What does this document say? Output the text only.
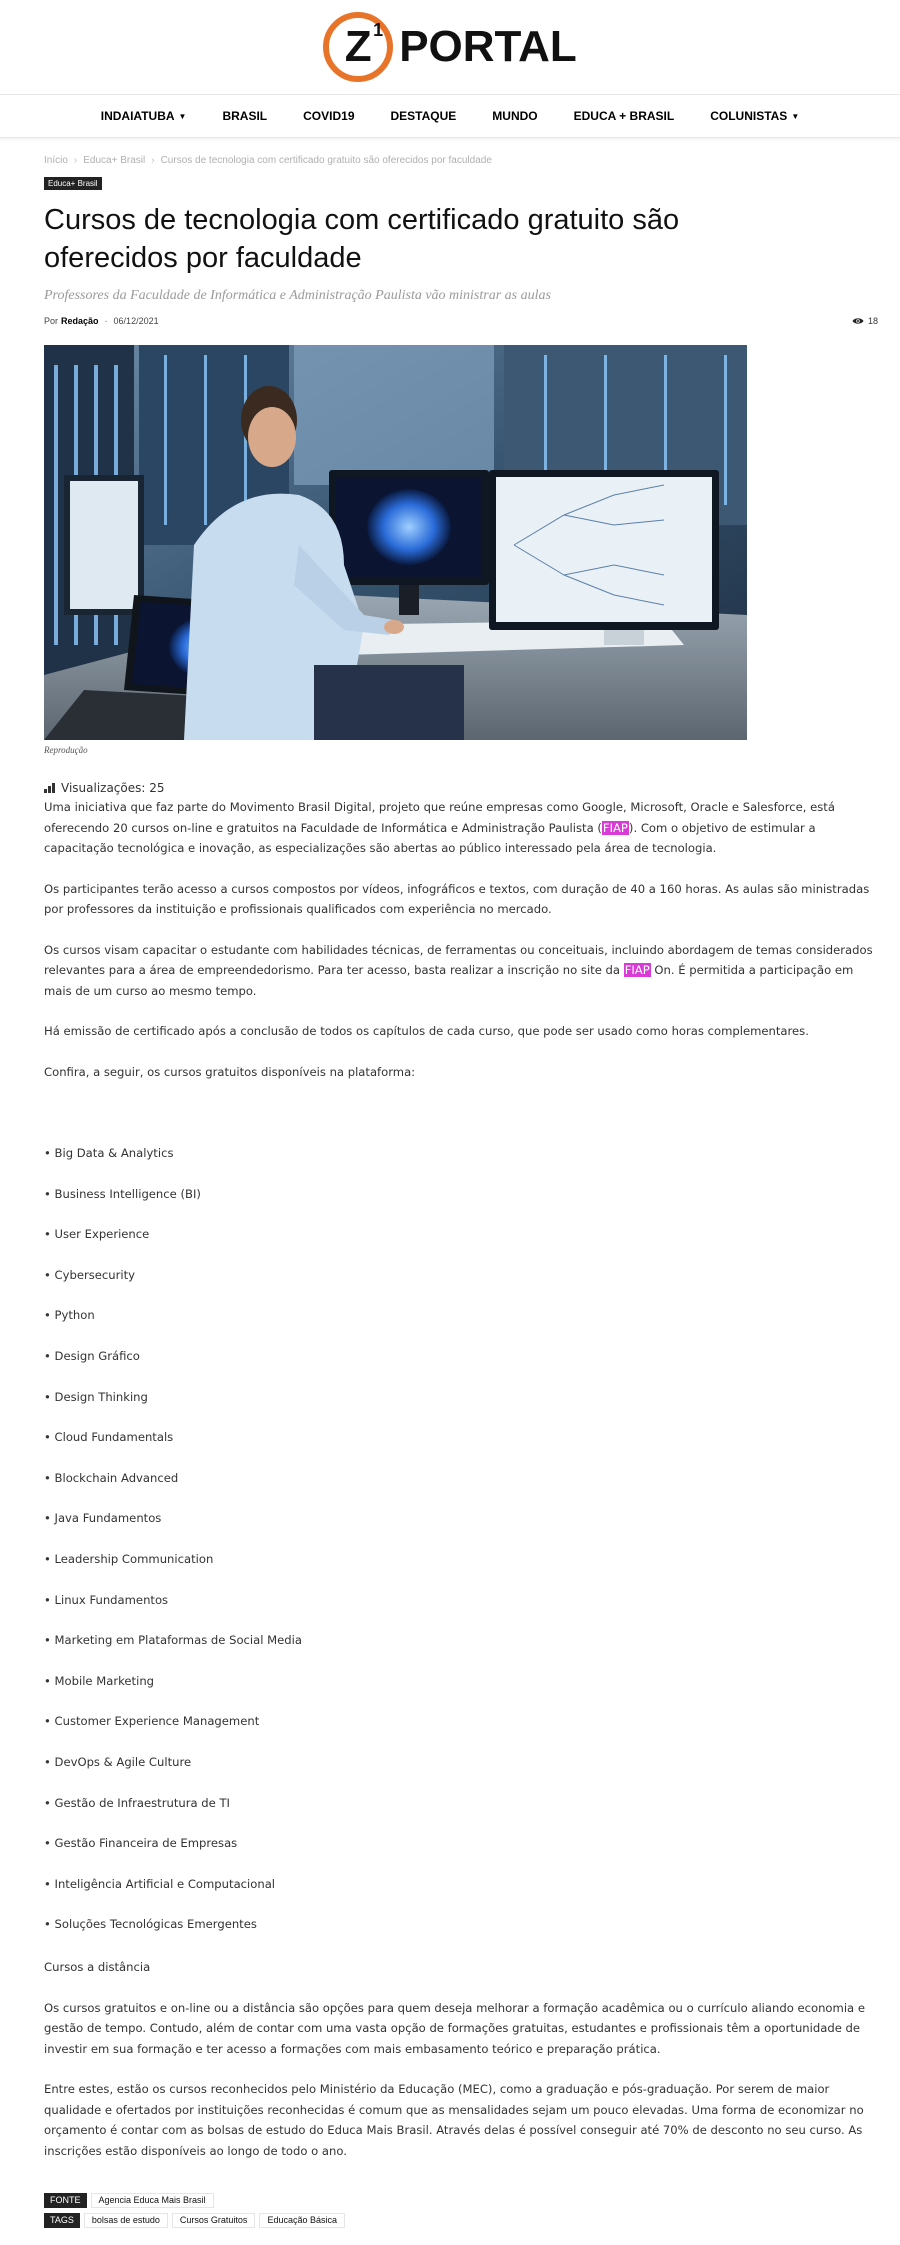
Z 1 PORTAL
INDAIATUBA ▼	BRASIL	COVID19	DESTAQUE	MUNDO	EDUCA + BRASIL	COLUNISTAS ▼
Início › Educa+ Brasil › Cursos de tecnologia com certificado gratuito são oferecidos por faculdade
Educa+ Brasil
Cursos de tecnologia com certificado gratuito são oferecidos por faculdade
Professores da Faculdade de Informática e Administração Paulista vão ministrar as aulas
Por Redação - 06/12/2021	18
Reprodução
Visualizações: 25

Uma iniciativa que faz parte do Movimento Brasil Digital, projeto que reúne empresas como Google, Microsoft, Oracle e Salesforce, está oferecendo 20 cursos on-line e gratuitos na Faculdade de Informática e Administração Paulista (FIAP). Com o objetivo de estimular a capacitação tecnológica e inovação, as especializações são abertas ao público interessado pela área de tecnologia.

Os participantes terão acesso a cursos compostos por vídeos, infográficos e textos, com duração de 40 a 160 horas. As aulas são ministradas por professores da instituição e profissionais qualificados com experiência no mercado.

Os cursos visam capacitar o estudante com habilidades técnicas, de ferramentas ou conceituais, incluindo abordagem de temas considerados relevantes para a área de empreendedorismo. Para ter acesso, basta realizar a inscrição no site da FIAP On. É permitida a participação em mais de um curso ao mesmo tempo.

Há emissão de certificado após a conclusão de todos os capítulos de cada curso, que pode ser usado como horas complementares.

Confira, a seguir, os cursos gratuitos disponíveis na plataforma:

• Big Data & Analytics
• Business Intelligence (BI)
• User Experience
• Cybersecurity
• Python
• Design Gráfico
• Design Thinking
• Cloud Fundamentals
• Blockchain Advanced
• Java Fundamentos
• Leadership Communication
• Linux Fundamentos
• Marketing em Plataformas de Social Media
• Mobile Marketing
• Customer Experience Management
• DevOps & Agile Culture
• Gestão de Infraestrutura de TI
• Gestão Financeira de Empresas
• Inteligência Artificial e Computacional
• Soluções Tecnológicas Emergentes

Cursos a distância

Os cursos gratuitos e on-line ou a distância são opções para quem deseja melhorar a formação acadêmica ou o currículo aliando economia e gestão de tempo. Contudo, além de contar com uma vasta opção de formações gratuitas, estudantes e profissionais têm a oportunidade de investir em sua formação e ter acesso a formações com mais embasamento teórico e preparação prática.

Entre estes, estão os cursos reconhecidos pelo Ministério da Educação (MEC), como a graduação e pós-graduação. Por serem de maior qualidade e ofertados por instituições reconhecidas é comum que as mensalidades sejam um pouco elevadas. Uma forma de economizar no orçamento é contar com as bolsas de estudo do Educa Mais Brasil. Através delas é possível conseguir até 70% de desconto no seu curso. As inscrições estão disponíveis ao longo de todo o ano.

FONTE	Agencia Educa Mais Brasil
TAGS	bolsas de estudo	Cursos Gratuitos	Educação Básica
